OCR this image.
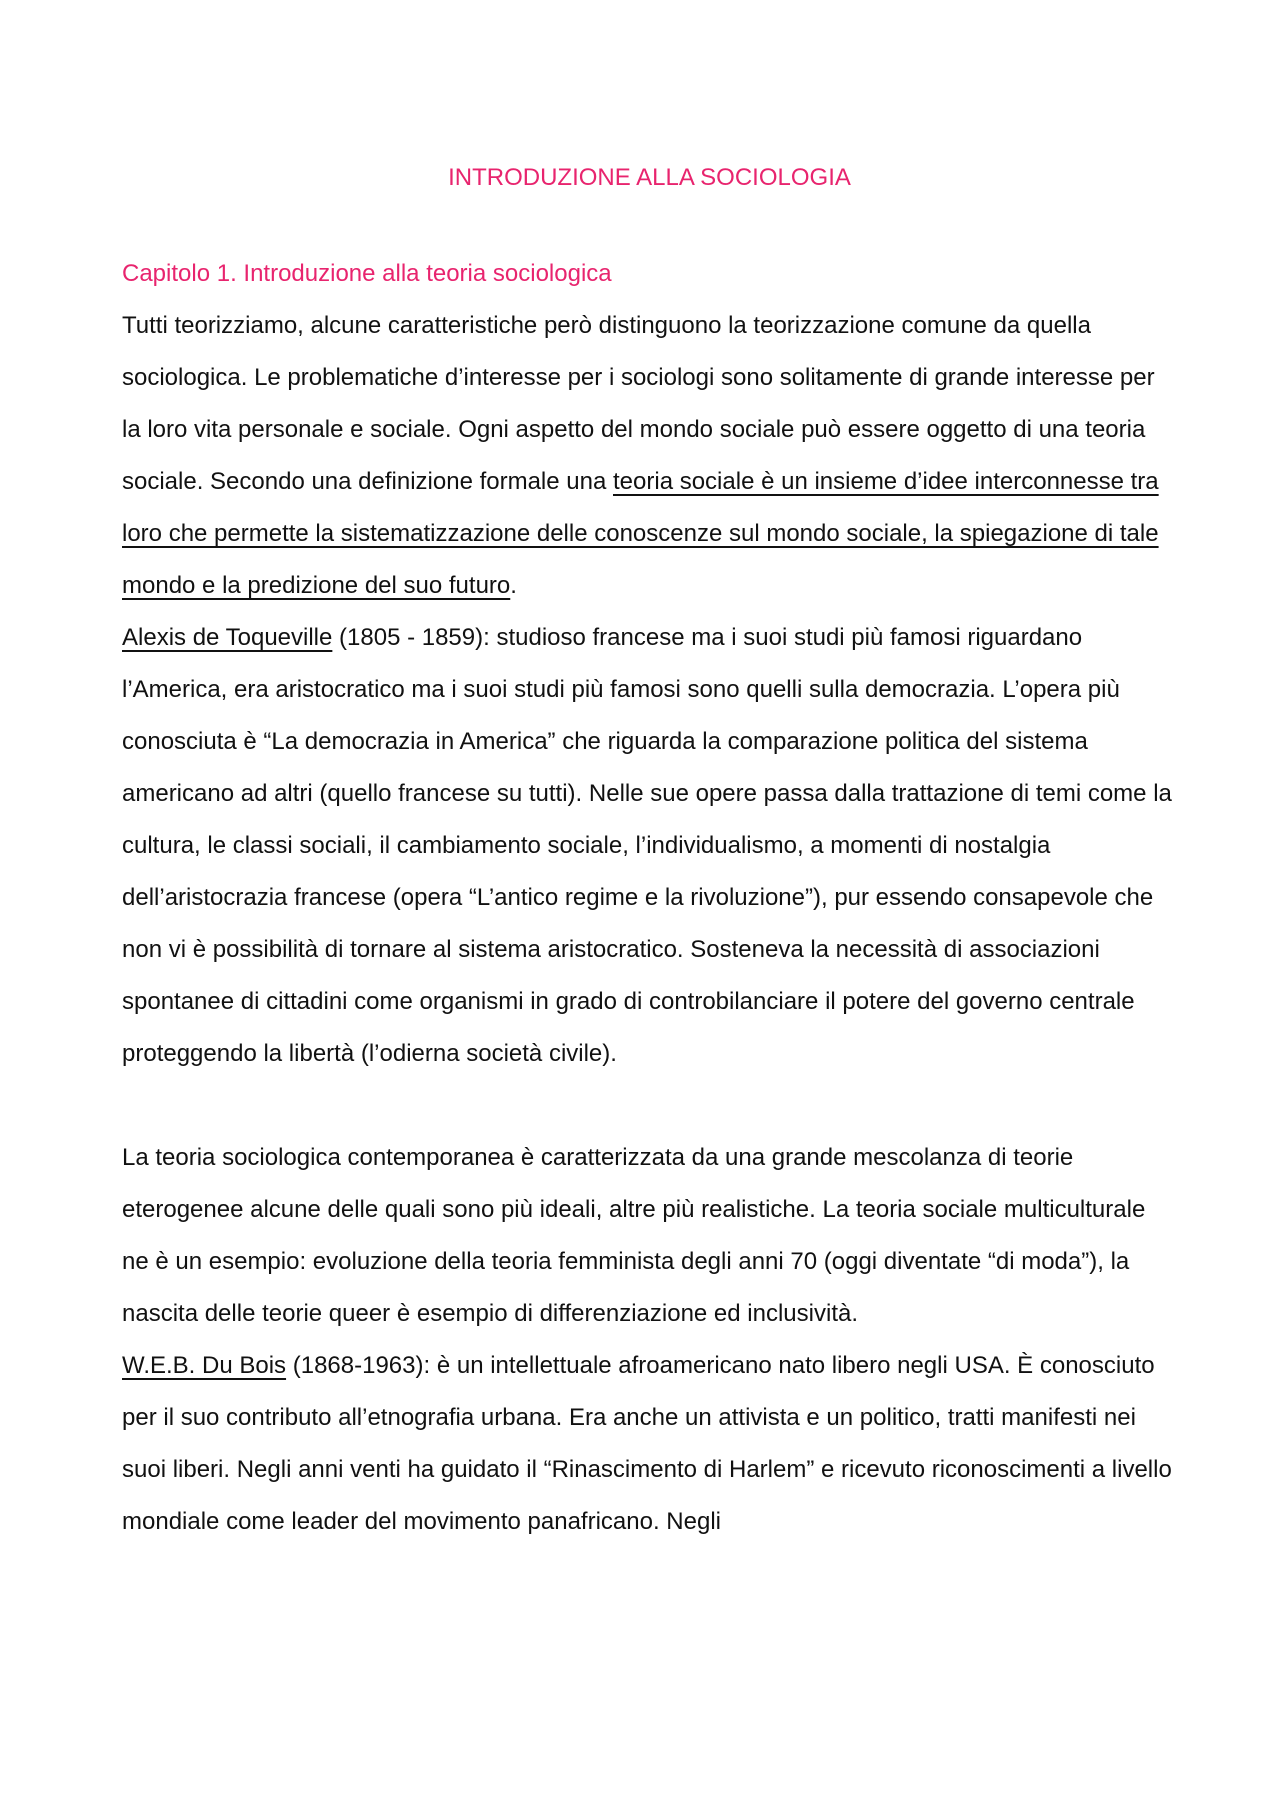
INTRODUZIONE ALLA SOCIOLOGIA
Capitolo 1. Introduzione alla teoria sociologica

Tutti teorizziamo, alcune caratteristiche però distinguono la teorizzazione comune da quella sociologica. Le problematiche d’interesse per i sociologi sono solitamente di grande interesse per la loro vita personale e sociale. Ogni aspetto del mondo sociale può essere oggetto di una teoria sociale. Secondo una definizione formale una teoria sociale è un insieme d’idee interconnesse tra loro che permette la sistematizzazione delle conoscenze sul mondo sociale, la spiegazione di tale mondo e la predizione del suo futuro.

Alexis de Toqueville (1805 - 1859): studioso francese ma i suoi studi più famosi riguardano l’America, era aristocratico ma i suoi studi più famosi sono quelli sulla democrazia. L’opera più conosciuta è “La democrazia in America” che riguarda la comparazione politica del sistema americano ad altri (quello francese su tutti). Nelle sue opere passa dalla trattazione di temi come la cultura, le classi sociali, il cambiamento sociale, l’individualismo, a momenti di nostalgia dell’aristocrazia francese (opera “L’antico regime e la rivoluzione”), pur essendo consapevole che non vi è possibilità di tornare al sistema aristocratico. Sosteneva la necessità di associazioni spontanee di cittadini come organismi in grado di controbilanciare il potere del governo centrale proteggendo la libertà (l’odierna società civile).

La teoria sociologica contemporanea è caratterizzata da una grande mescolanza di teorie eterogenee alcune delle quali sono più ideali, altre più realistiche. La teoria sociale multiculturale ne è un esempio: evoluzione della teoria femminista degli anni 70 (oggi diventate “di moda”), la nascita delle teorie queer è esempio di differenziazione ed inclusività.

W.E.B. Du Bois (1868-1963): è un intellettuale afroamericano nato libero negli USA. È conosciuto per il suo contributo all’etnografia urbana. Era anche un attivista e un politico, tratti manifesti nei suoi liberi. Negli anni venti ha guidato il “Rinascimento di Harlem” e ricevuto riconoscimenti a livello mondiale come leader del movimento panafricano. Negli
